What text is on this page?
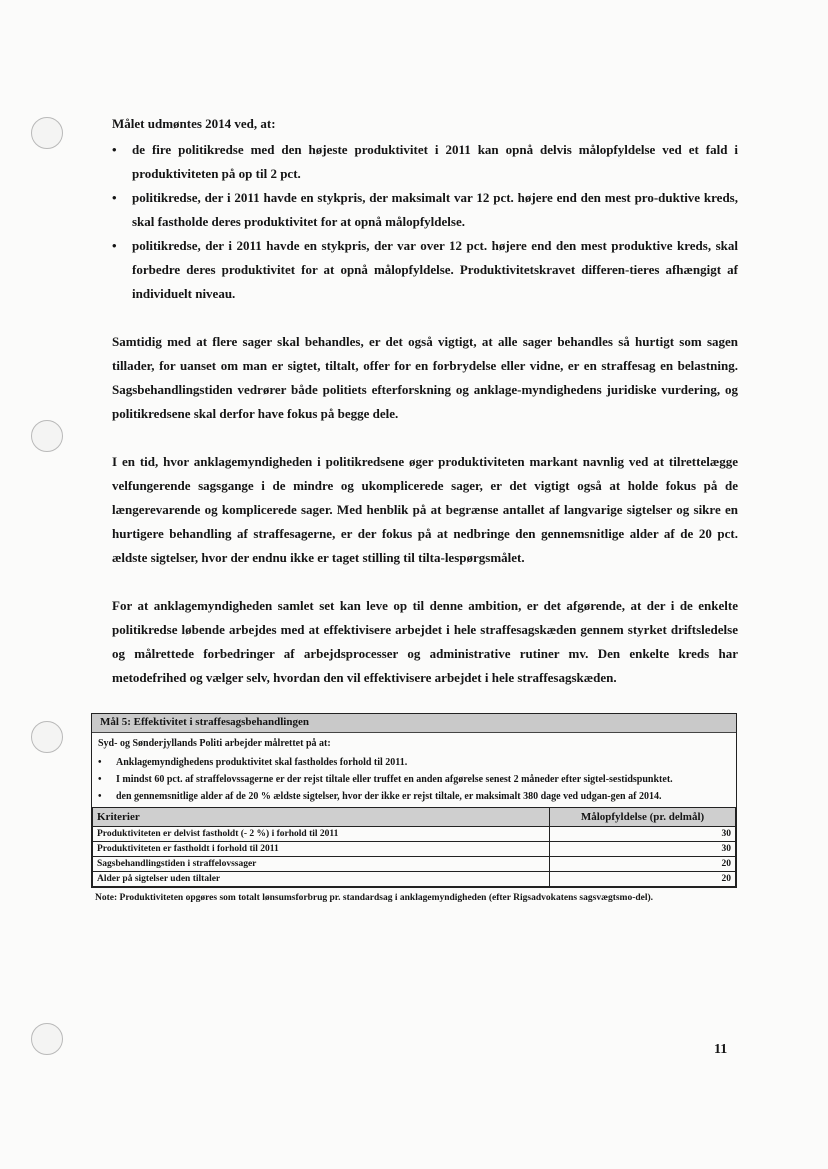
Målet udmøntes 2014 ved, at:

• de fire politikredse med den højeste produktivitet i 2011 kan opnå delvis målopfyldelse ved et fald i produktiviteten på op til 2 pct.
• politikredse, der i 2011 havde en stykpris, der maksimalt var 12 pct. højere end den mest pro-duktive kreds, skal fastholde deres produktivitet for at opnå målopfyldelse.
• politikredse, der i 2011 havde en stykpris, der var over 12 pct. højere end den mest produktive kreds, skal forbedre deres produktivitet for at opnå målopfyldelse. Produktivitetskravet differen-tieres afhængigt af individuelt niveau.

Samtidig med at flere sager skal behandles, er det også vigtigt, at alle sager behandles så hurtigt som sagen tillader, for uanset om man er sigtet, tiltalt, offer for en forbrydelse eller vidne, er en straffesag en belastning. Sagsbehandlingstiden vedrører både politiets efterforskning og anklage-myndighedens juridiske vurdering, og politikredsene skal derfor have fokus på begge dele.

I en tid, hvor anklagemyndigheden i politikredsene øger produktiviteten markant navnlig ved at tilrettelægge velfungerende sagsgange i de mindre og ukomplicerede sager, er det vigtigt også at holde fokus på de længerevarende og komplicerede sager. Med henblik på at begrænse antallet af langvarige sigtelser og sikre en hurtigere behandling af straffesagerne, er der fokus på at nedbringe den gennemsnitlige alder af de 20 pct. ældste sigtelser, hvor der endnu ikke er taget stilling til tilta-lespørgsmålet.

For at anklagemyndigheden samlet set kan leve op til denne ambition, er det afgørende, at der i de enkelte politikredse løbende arbejdes med at effektivisere arbejdet i hele straffesagskæden gennem styrket driftsledelse og målrettede forbedringer af arbejdsprocesser og administrative rutiner mv. Den enkelte kreds har metodefrihed og vælger selv, hvordan den vil effektivisere arbejdet i hele straffesagskæden.

Mål 5: Effektivitet i straffesagsbehandlingen
Syd- og Sønderjyllands Politi arbejder målrettet på at:
• Anklagemyndighedens produktivitet skal fastholdes forhold til 2011.
• I mindst 60 pct. af straffelovssagerne er der rejst tiltale eller truffet en anden afgørelse senest 2 måneder efter sigtel-sestidspunktet.
• den gennemsnitlige alder af de 20 % ældste sigtelser, hvor der ikke er rejst tiltale, er maksimalt 380 dage ved udgan-gen af 2014.
Kriterier	Målopfyldelse (pr. delmål)
Produktiviteten er delvist fastholdt (- 2 %) i forhold til 2011	30
Produktiviteten er fastholdt i forhold til 2011	30
Sagsbehandlingstiden i straffelovssager	20
Alder på sigtelser uden tiltaler	20
Note: Produktiviteten opgøres som totalt lønsumsforbrug pr. standardsag i anklagemyndigheden (efter Rigsadvokatens sagsvægtsmo-del).
11
